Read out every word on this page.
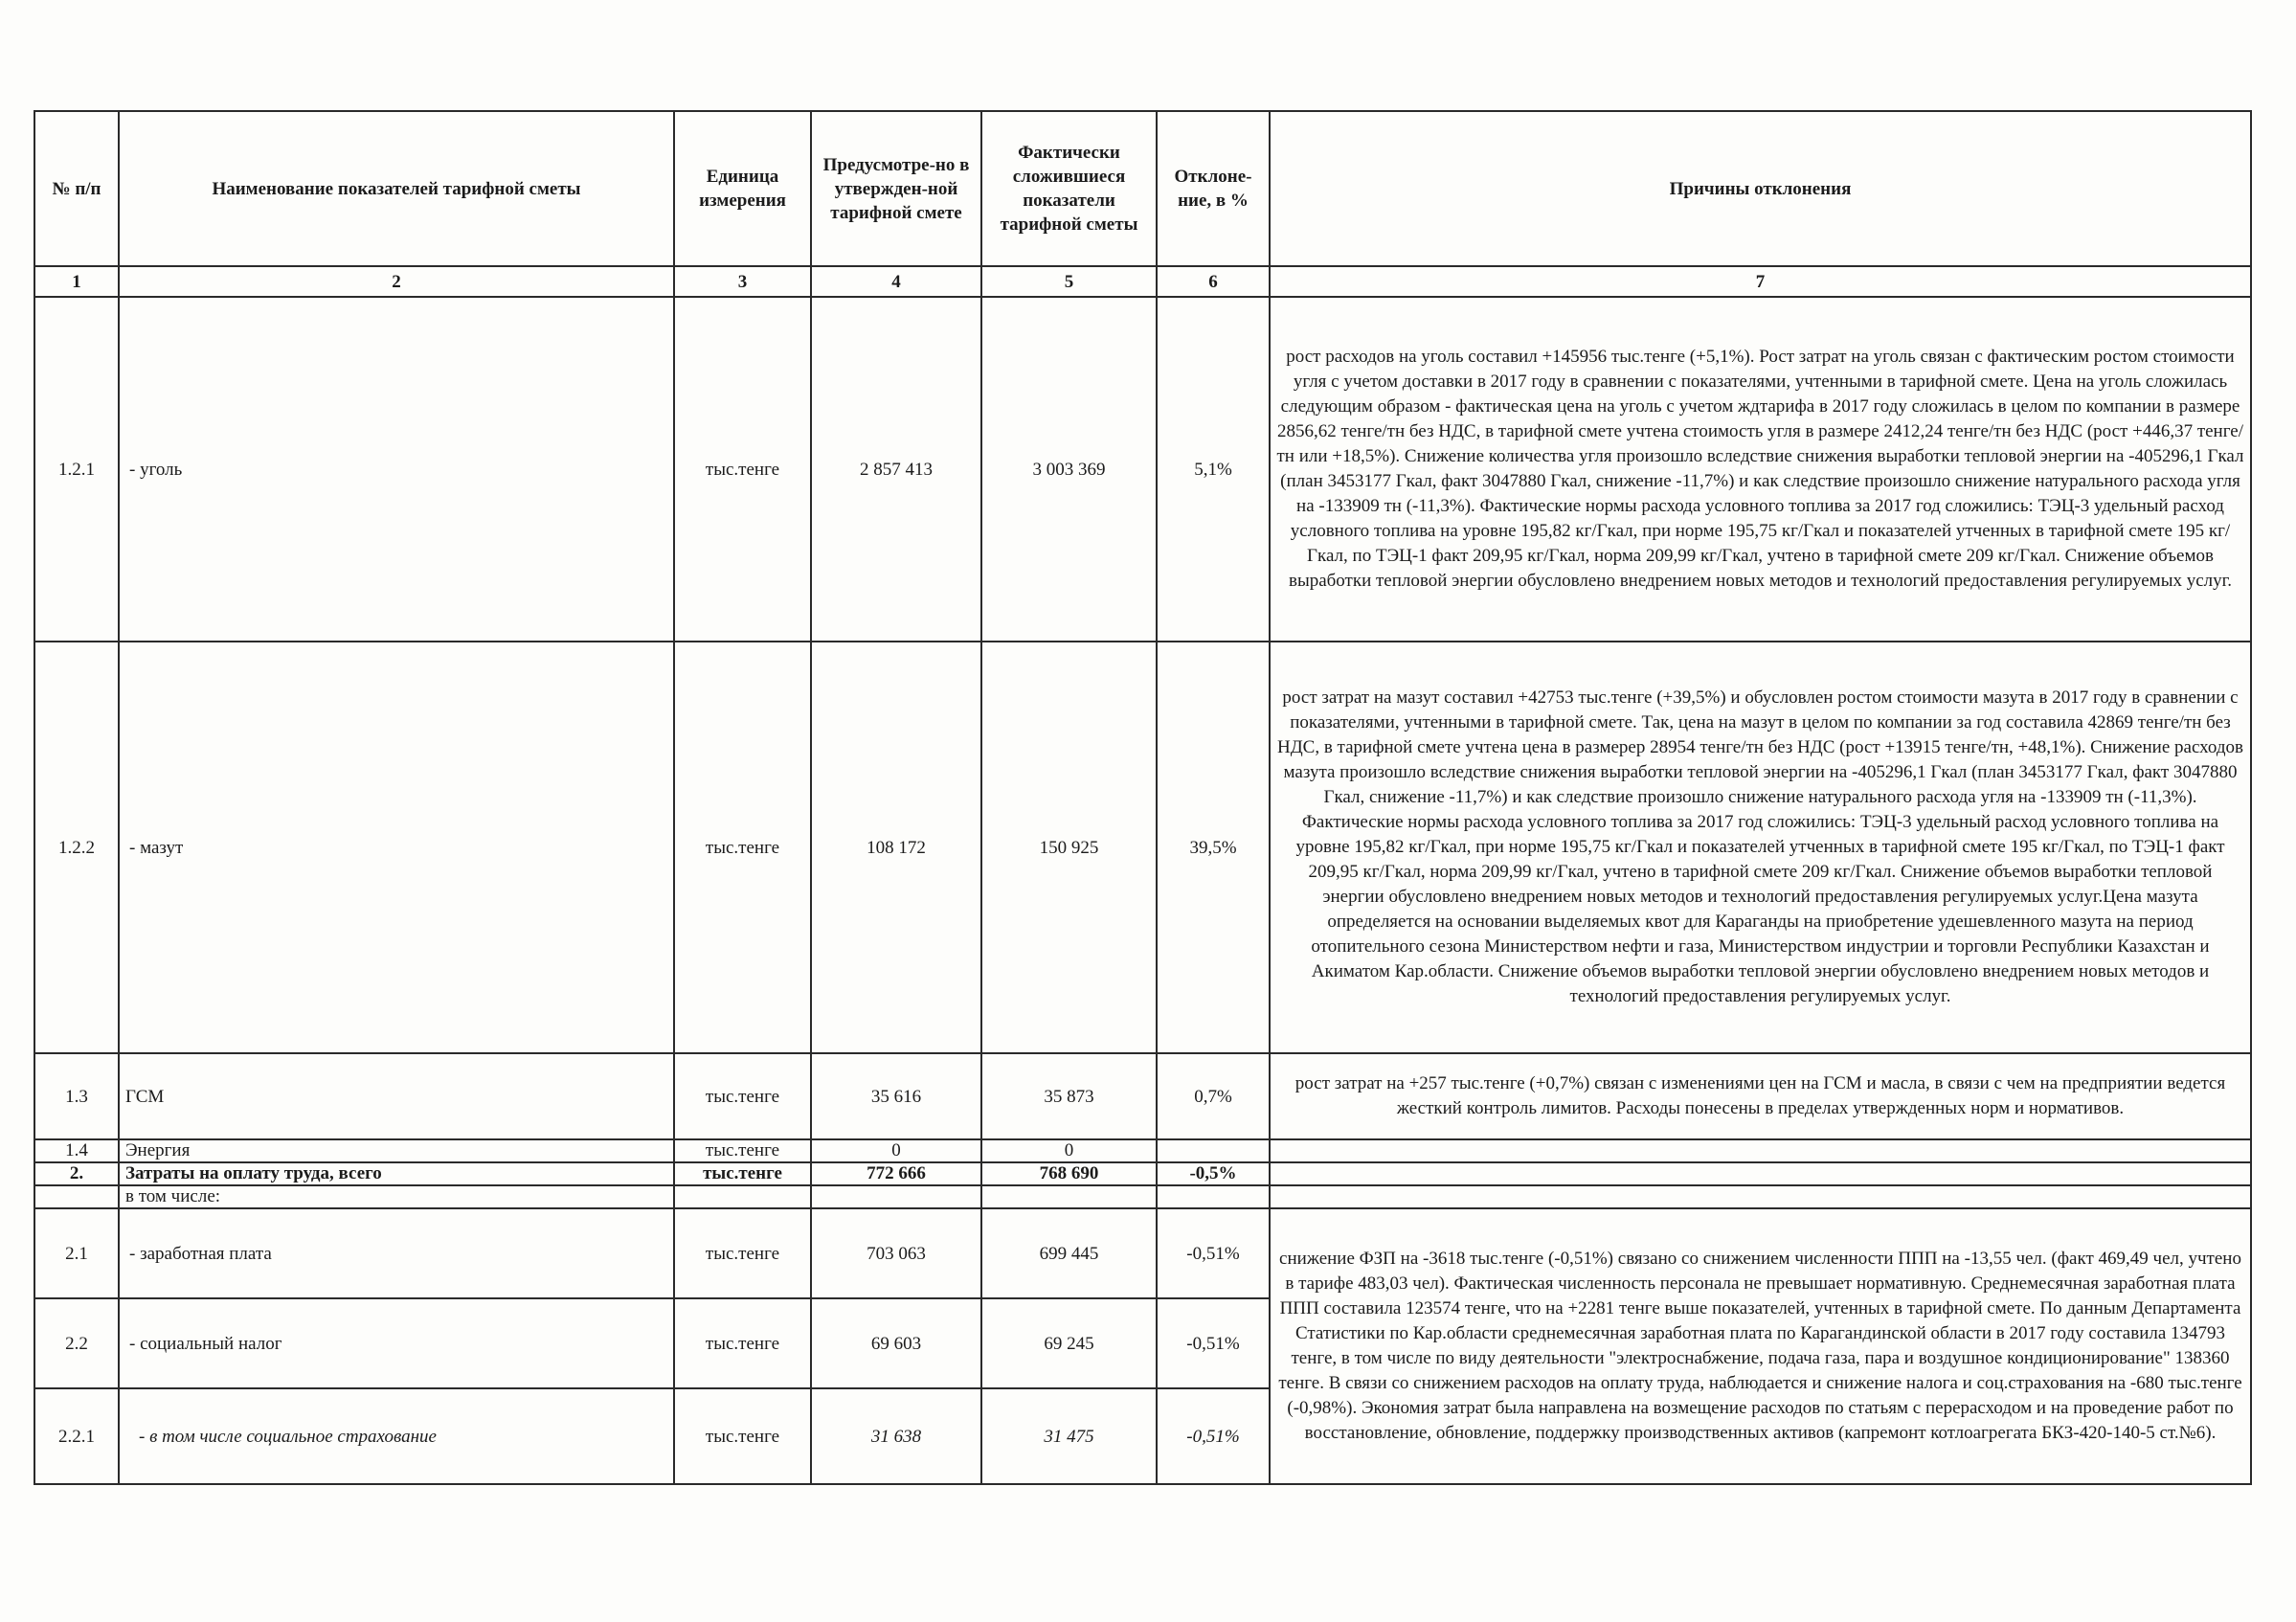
№ п/п	Наименование показателей тарифной сметы	Единица измерения	Предусмотре-но в утвержден-ной тарифной смете	Фактически сложившиеся показатели тарифной сметы	Отклоне-ние, в %	Причины отклонения
1	2	3	4	5	6	7
1.2.1	- уголь	тыс.тенге	2 857 413	3 003 369	5,1%	рост расходов на уголь составил +145956 тыс.тенге (+5,1%). Рост затрат на уголь связан с фактическим ростом стоимости угля с учетом доставки в 2017 году в сравнении с показателями, учтенными в тарифной смете. Цена на уголь сложилась следующим образом - фактическая цена на уголь с учетом ждтарифа в 2017 году сложилась в целом по компании в размере 2856,62 тенге/тн без НДС, в тарифной смете учтена стоимость угля в размере 2412,24 тенге/тн без НДС (рост +446,37 тенге/тн или +18,5%). Снижение количества угля произошло вследствие снижения выработки тепловой энергии на -405296,1 Гкал (план 3453177 Гкал, факт 3047880 Гкал, снижение -11,7%) и как следствие произошло снижение натурального расхода угля на -133909 тн (-11,3%). Фактические нормы расхода условного топлива за 2017 год сложились: ТЭЦ-3 удельный расход условного топлива на уровне 195,82 кг/Гкал, при норме 195,75 кг/Гкал и показателей утченных в тарифной смете 195 кг/Гкал, по ТЭЦ-1 факт 209,95 кг/Гкал, норма 209,99 кг/Гкал, учтено в тарифной смете 209 кг/Гкал. Снижение объемов выработки тепловой энергии обусловлено внедрением новых методов и технологий предоставления регулируемых услуг.
1.2.2	- мазут	тыс.тенге	108 172	150 925	39,5%	рост затрат на мазут составил +42753 тыс.тенге (+39,5%) и обусловлен ростом стоимости мазута в 2017 году в сравнении с показателями, учтенными в тарифной смете. Так, цена на мазут в целом по компании за год составила 42869 тенге/тн без НДС, в тарифной смете учтена цена в размерер 28954 тенге/тн без НДС (рост +13915 тенге/тн, +48,1%). Снижение расходов мазута произошло вследствие снижения выработки тепловой энергии на -405296,1 Гкал (план 3453177 Гкал, факт 3047880 Гкал, снижение -11,7%) и как следствие произошло снижение натурального расхода угля на -133909 тн (-11,3%). Фактические нормы расхода условного топлива за 2017 год сложились: ТЭЦ-3 удельный расход условного топлива на уровне 195,82 кг/Гкал, при норме 195,75 кг/Гкал и показателей утченных в тарифной смете 195 кг/Гкал, по ТЭЦ-1 факт 209,95 кг/Гкал, норма 209,99 кг/Гкал, учтено в тарифной смете 209 кг/Гкал. Снижение объемов выработки тепловой энергии обусловлено внедрением новых методов и технологий предоставления регулируемых услуг.Цена мазута определяется на основании выделяемых квот для Караганды на приобретение удешевленного мазута на период отопительного сезона Министерством нефти и газа, Министерством индустрии и торговли Республики Казахстан и Акиматом Кар.области. Снижение объемов выработки тепловой энергии обусловлено внедрением новых методов и технологий предоставления регулируемых услуг.
1.3	ГСМ	тыс.тенге	35 616	35 873	0,7%	рост затрат на +257 тыс.тенге (+0,7%) связан с изменениями цен на ГСМ и масла, в связи с чем на предприятии ведется жесткий контроль лимитов. Расходы понесены в пределах утвержденных норм и нормативов.
1.4	Энергия	тыс.тенге	0	0		
2.	Затраты на оплату труда, всего	тыс.тенге	772 666	768 690	-0,5%	
	в том числе:					
2.1	- заработная плата	тыс.тенге	703 063	699 445	-0,51%	снижение ФЗП на -3618 тыс.тенге (-0,51%) связано со снижением численности ППП на -13,55 чел. (факт 469,49 чел, учтено в тарифе 483,03 чел). Фактическая численность персонала не превышает нормативную. Среднемесячная заработная плата ППП составила 123574 тенге, что на +2281 тенге выше показателей, учтенных в тарифной смете. По данным Департамента Статистики по Кар.области среднемесячная заработная плата по Карагандинской области в 2017 году составила 134793 тенге, в том числе по виду деятельности "электроснабжение, подача газа, пара и воздушное кондиционирование" 138360 тенге. В связи со снижением расходов на оплату труда, наблюдается и снижение налога и соц.страхования на -680 тыс.тенге (-0,98%). Экономия затрат была направлена на возмещение расходов по статьям с перерасходом и на проведение работ по восстановление, обновление, поддержку производственных активов (капремонт котлоагрегата БКЗ-420-140-5 ст.№6).
2.2	- социальный налог	тыс.тенге	69 603	69 245	-0,51%	
2.2.1	- в том числе социальное страхование	тыс.тенге	31 638	31 475	-0,51%	
